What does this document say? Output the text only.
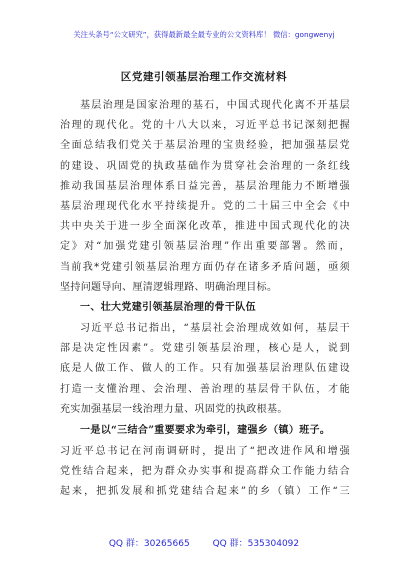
关注头条号“公文研究”，获得最新最全最专业的公文资料库！ 微信：gongwenyj
区党建引领基层治理工作交流材料
基层治理是国家治理的基石，中国式现代化离不开基层
治理的现代化。党的十八大以来，习近平总书记深刻把握
全面总结我们党关于基层治理的宝贵经验，把加强基层党
的建设、巩固党的执政基础作为贯穿社会治理的一条红线
推动我国基层治理体系日益完善，基层治理能力不断增强
基层治理现代化水平持续提升。党的二十届三中全会《中
共中央关于进一步全面深化改革，推进中国式现代化的决
定》对“加强党建引领基层治理”作出重要部署。然而，
当前我*党建引领基层治理方面仍存在诸多矛盾问题，亟须
坚持问题导向、厘清逻辑理路、明确治理目标。
一、壮大党建引领基层治理的骨干队伍
习近平总书记指出，“基层社会治理成效如何，基层干
部是决定性因素”。党建引领基层治理，核心是人，说到
底是人做工作、做人的工作。只有加强基层治理队伍建设
打造一支懂治理、会治理、善治理的基层骨干队伍，才能
充实加强基层一线治理力量、巩固党的执政根基。
一是以“三结合”重要要求为牵引，建强乡（镇）班子。
习近平总书记在河南调研时，提出了“把改进作风和增强
党性结合起来，把为群众办实事和提高群众工作能力结合
起来，把抓发展和抓党建结合起来”的乡（镇）工作“三
QQ 群：30265665	QQ 群：535304092
